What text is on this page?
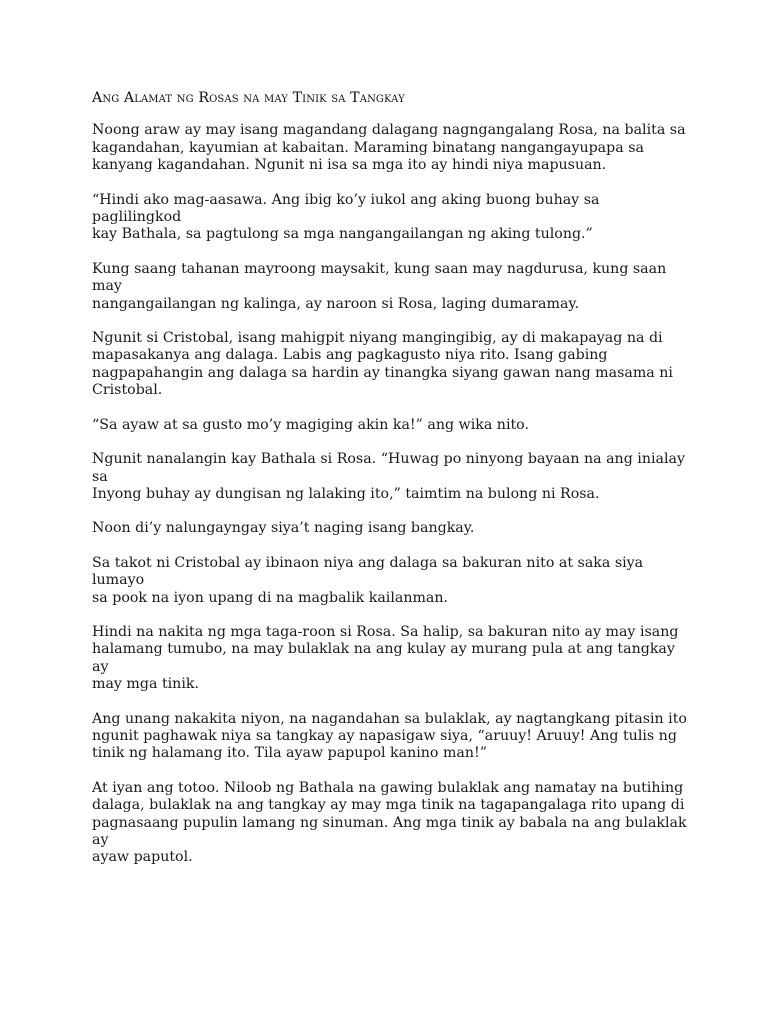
Ang Alamat ng Rosas na may Tinik sa Tangkay

Noong araw ay may isang magandang dalagang nagngangalang Rosa, na balita sa
kagandahan, kayumian at kabaitan. Maraming binatang nangangayupapa sa
kanyang kagandahan. Ngunit ni isa sa mga ito ay hindi niya mapusuan.

“Hindi ako mag-aasawa. Ang ibig ko’y iukol ang aking buong buhay sa paglilingkod
kay Bathala, sa pagtulong sa mga nangangailangan ng aking tulong.”

Kung saang tahanan mayroong maysakit, kung saan may nagdurusa, kung saan may
nangangailangan ng kalinga, ay naroon si Rosa, laging dumaramay.

Ngunit si Cristobal, isang mahigpit niyang mangingibig, ay di makapayag na di
mapasakanya ang dalaga. Labis ang pagkagusto niya rito. Isang gabing
nagpapahangin ang dalaga sa hardin ay tinangka siyang gawan nang masama ni
Cristobal.

“Sa ayaw at sa gusto mo’y magiging akin ka!” ang wika nito.

Ngunit nanalangin kay Bathala si Rosa. “Huwag po ninyong bayaan na ang inialay sa
Inyong buhay ay dungisan ng lalaking ito,” taimtim na bulong ni Rosa.

Noon di’y nalungayngay siya’t naging isang bangkay.

Sa takot ni Cristobal ay ibinaon niya ang dalaga sa bakuran nito at saka siya lumayo
sa pook na iyon upang di na magbalik kailanman.

Hindi na nakita ng mga taga-roon si Rosa. Sa halip, sa bakuran nito ay may isang
halamang tumubo, na may bulaklak na ang kulay ay murang pula at ang tangkay ay
may mga tinik.

Ang unang nakakita niyon, na nagandahan sa bulaklak, ay nagtangkang pitasin ito
ngunit paghawak niya sa tangkay ay napasigaw siya, “aruuy! Aruuy! Ang tulis ng
tinik ng halamang ito. Tila ayaw papupol kanino man!”

At iyan ang totoo. Niloob ng Bathala na gawing bulaklak ang namatay na butihing
dalaga, bulaklak na ang tangkay ay may mga tinik na tagapangalaga rito upang di
pagnasaang pupulin lamang ng sinuman. Ang mga tinik ay babala na ang bulaklak ay
ayaw paputol.
